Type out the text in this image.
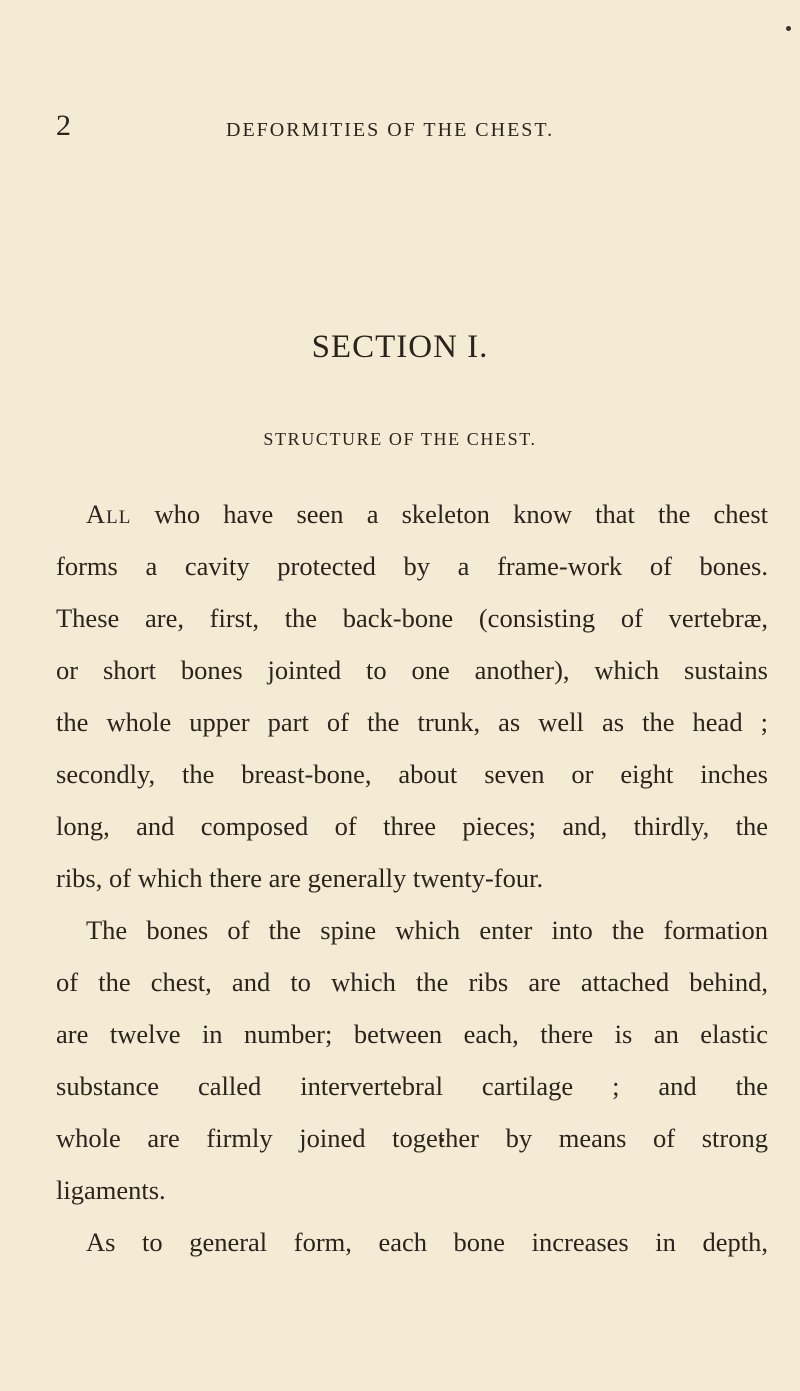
2	DEFORMITIES OF THE CHEST.
SECTION I.
STRUCTURE OF THE CHEST.
All who have seen a skeleton know that the chest
forms a cavity protected by a frame-work of bones.
These are, first, the back-bone (consisting of vertebræ,
or short bones jointed to one another), which sustains
the whole upper part of the trunk, as well as the head ;
secondly, the breast-bone, about seven or eight inches
long, and composed of three pieces; and, thirdly, the
ribs, of which there are generally twenty-four.
The bones of the spine which enter into the formation
of the chest, and to which the ribs are attached behind,
are twelve in number; between each, there is an elastic
substance called intervertebral cartilage ; and the
whole are firmly joined together by means of strong
ligaments.
As to general form, each bone increases in depth,
